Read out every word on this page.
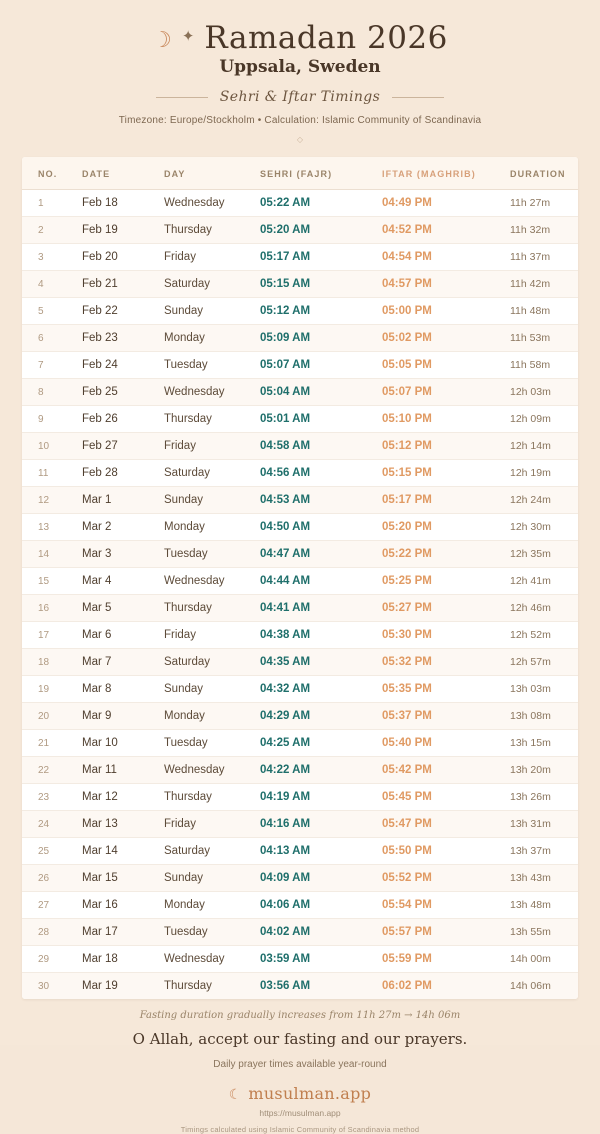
☽ ✦ Ramadan 2026
Uppsala, Sweden
Sehri & Iftar Timings
Timezone: Europe/Stockholm • Calculation: Islamic Community of Scandinavia
◇
NO.	DATE	DAY	SEHRI (FAJR)	IFTAR (MAGHRIB)	DURATION
1	Feb 18	Wednesday	05:22 AM	04:49 PM	11h 27m
2	Feb 19	Thursday	05:20 AM	04:52 PM	11h 32m
3	Feb 20	Friday	05:17 AM	04:54 PM	11h 37m
4	Feb 21	Saturday	05:15 AM	04:57 PM	11h 42m
5	Feb 22	Sunday	05:12 AM	05:00 PM	11h 48m
6	Feb 23	Monday	05:09 AM	05:02 PM	11h 53m
7	Feb 24	Tuesday	05:07 AM	05:05 PM	11h 58m
8	Feb 25	Wednesday	05:04 AM	05:07 PM	12h 03m
9	Feb 26	Thursday	05:01 AM	05:10 PM	12h 09m
10	Feb 27	Friday	04:58 AM	05:12 PM	12h 14m
11	Feb 28	Saturday	04:56 AM	05:15 PM	12h 19m
12	Mar 1	Sunday	04:53 AM	05:17 PM	12h 24m
13	Mar 2	Monday	04:50 AM	05:20 PM	12h 30m
14	Mar 3	Tuesday	04:47 AM	05:22 PM	12h 35m
15	Mar 4	Wednesday	04:44 AM	05:25 PM	12h 41m
16	Mar 5	Thursday	04:41 AM	05:27 PM	12h 46m
17	Mar 6	Friday	04:38 AM	05:30 PM	12h 52m
18	Mar 7	Saturday	04:35 AM	05:32 PM	12h 57m
19	Mar 8	Sunday	04:32 AM	05:35 PM	13h 03m
20	Mar 9	Monday	04:29 AM	05:37 PM	13h 08m
21	Mar 10	Tuesday	04:25 AM	05:40 PM	13h 15m
22	Mar 11	Wednesday	04:22 AM	05:42 PM	13h 20m
23	Mar 12	Thursday	04:19 AM	05:45 PM	13h 26m
24	Mar 13	Friday	04:16 AM	05:47 PM	13h 31m
25	Mar 14	Saturday	04:13 AM	05:50 PM	13h 37m
26	Mar 15	Sunday	04:09 AM	05:52 PM	13h 43m
27	Mar 16	Monday	04:06 AM	05:54 PM	13h 48m
28	Mar 17	Tuesday	04:02 AM	05:57 PM	13h 55m
29	Mar 18	Wednesday	03:59 AM	05:59 PM	14h 00m
30	Mar 19	Thursday	03:56 AM	06:02 PM	14h 06m
Fasting duration gradually increases from 11h 27m → 14h 06m
O Allah, accept our fasting and our prayers.
Daily prayer times available year-round
☾ musulman.app
https://musulman.app
Timings calculated using Islamic Community of Scandinavia method
